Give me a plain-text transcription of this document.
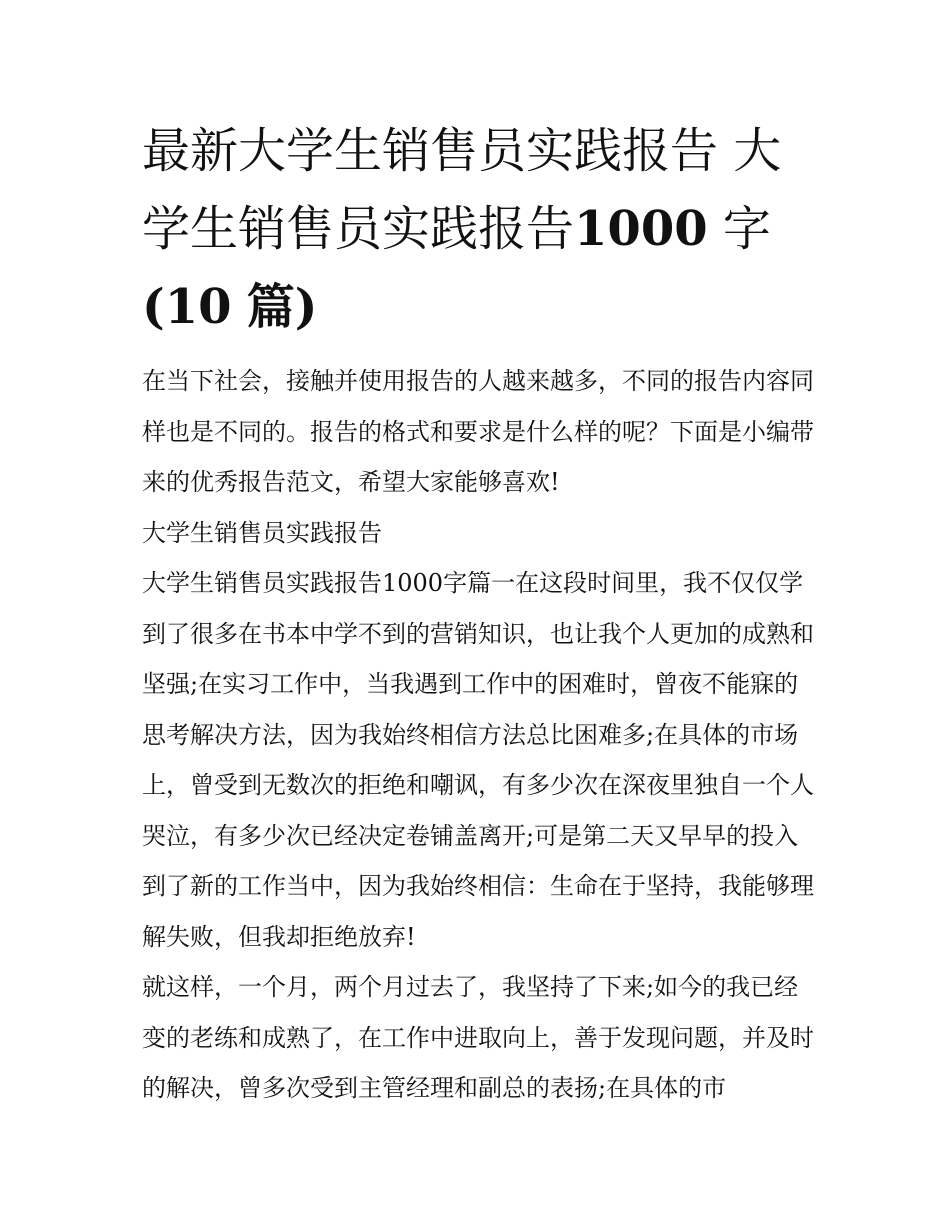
最新大学生销售员实践报告 大
学生销售员实践报告1000 字
(10 篇)

在当下社会，接触并使用报告的人越来越多，不同的报告内容同样也是不同的。报告的格式和要求是什么样的呢？下面是小编带来的优秀报告范文，希望大家能够喜欢!

大学生销售员实践报告

大学生销售员实践报告1000字篇一在这段时间里，我不仅仅学到了很多在书本中学不到的营销知识，也让我个人更加的成熟和坚强;在实习工作中，当我遇到工作中的困难时，曾夜不能寐的思考解决方法，因为我始终相信方法总比困难多;在具体的市场上，曾受到无数次的拒绝和嘲讽，有多少次在深夜里独自一个人哭泣，有多少次已经决定卷铺盖离开;可是第二天又早早的投入到了新的工作当中，因为我始终相信：生命在于坚持，我能够理解失败，但我却拒绝放弃!

就这样，一个月，两个月过去了，我坚持了下来;如今的我已经变的老练和成熟了，在工作中进取向上，善于发现问题，并及时的解决，曾多次受到主管经理和副总的表扬;在具体的市
